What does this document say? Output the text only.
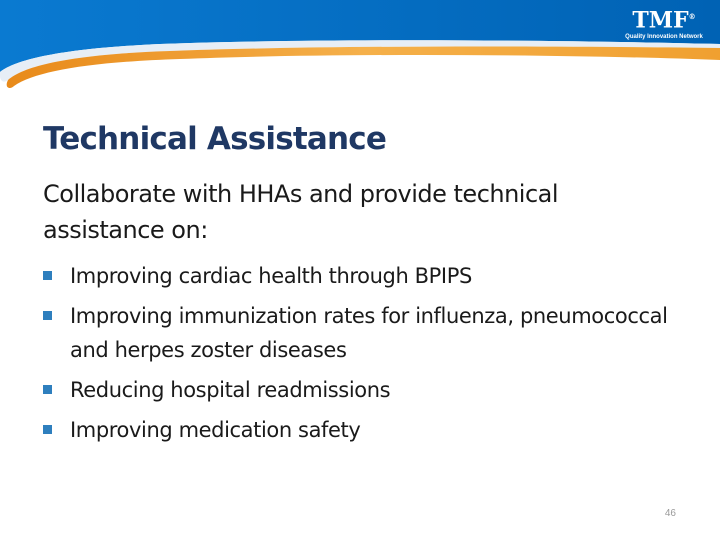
TMF®
Quality Innovation Network
Technical Assistance

Collaborate with HHAs and provide technical assistance on:

Improving cardiac health through BPIPS
Improving immunization rates for influenza, pneumococcal and herpes zoster diseases
Reducing hospital readmissions
Improving medication safety
46
